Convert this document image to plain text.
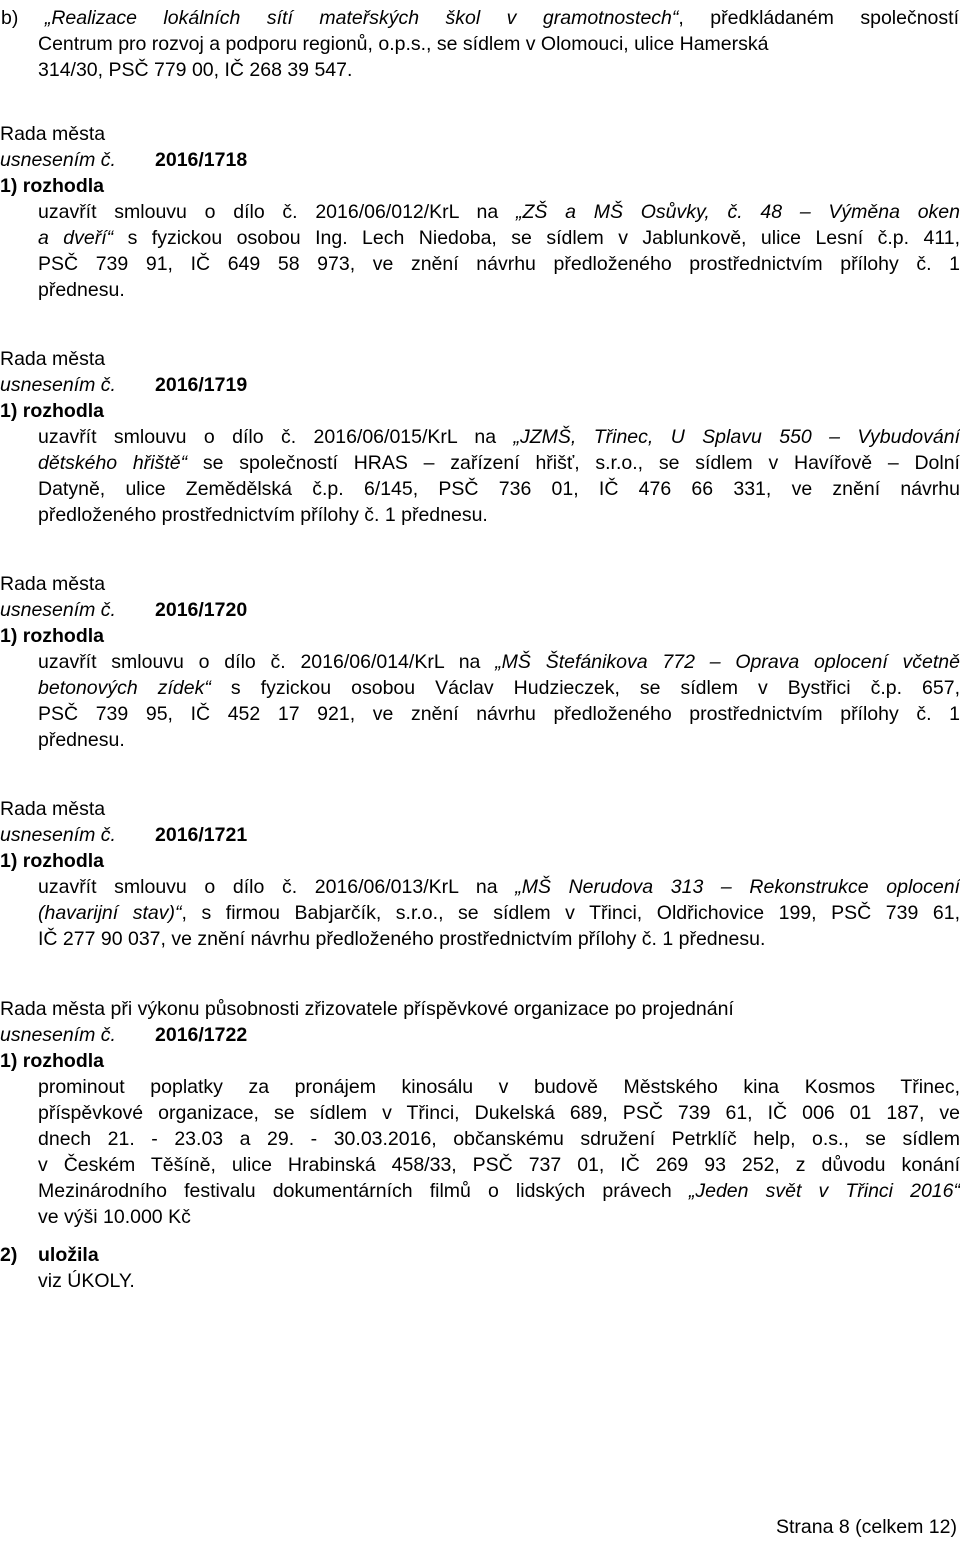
b) „Realizace lokálních sítí mateřských škol v gramotnostech“, předkládaném společností
Centrum pro rozvoj a podporu regionů, o.p.s., se sídlem v Olomouci, ulice Hamerská
314/30, PSČ 779 00, IČ 268 39 547.
Rada města
usnesením č. 2016/1718
1) rozhodla
uzavřít smlouvu o dílo č. 2016/06/012/KrL na „ZŠ a MŠ Osůvky, č. 48 – Výměna oken
a dveří“ s fyzickou osobou Ing. Lech Niedoba, se sídlem v Jablunkově, ulice Lesní č.p. 411,
PSČ 739 91, IČ 649 58 973, ve znění návrhu předloženého prostřednictvím přílohy č. 1
přednesu.
Rada města
usnesením č. 2016/1719
1) rozhodla
uzavřít smlouvu o dílo č. 2016/06/015/KrL na „JZMŠ, Třinec, U Splavu 550 – Vybudování
dětského hřiště“ se společností HRAS – zařízení hřišť, s.r.o., se sídlem v Havířově – Dolní
Datyně, ulice Zemědělská č.p. 6/145, PSČ 736 01, IČ 476 66 331, ve znění návrhu
předloženého prostřednictvím přílohy č. 1 přednesu.
Rada města
usnesením č. 2016/1720
1) rozhodla
uzavřít smlouvu o dílo č. 2016/06/014/KrL na „MŠ Štefánikova 772 – Oprava oplocení včetně
betonových zídek“ s fyzickou osobou Václav Hudzieczek, se sídlem v Bystřici č.p. 657,
PSČ 739 95, IČ 452 17 921, ve znění návrhu předloženého prostřednictvím přílohy č. 1
přednesu.
Rada města
usnesením č. 2016/1721
1) rozhodla
uzavřít smlouvu o dílo č. 2016/06/013/KrL na „MŠ Nerudova 313 – Rekonstrukce oplocení
(havarijní stav)“, s firmou Babjarčík, s.r.o., se sídlem v Třinci, Oldřichovice 199, PSČ 739 61,
IČ 277 90 037, ve znění návrhu předloženého prostřednictvím přílohy č. 1 přednesu.
Rada města při výkonu působnosti zřizovatele příspěvkové organizace po projednání
usnesením č. 2016/1722
1) rozhodla
prominout poplatky za pronájem kinosálu v budově Městského kina Kosmos Třinec,
příspěvkové organizace, se sídlem v Třinci, Dukelská 689, PSČ 739 61, IČ 006 01 187, ve
dnech 21. - 23.03 a 29. - 30.03.2016, občanskému sdružení Petrklíč help, o.s., se sídlem
v Českém Těšíně, ulice Hrabinská 458/33, PSČ 737 01, IČ 269 93 252, z důvodu konání
Mezinárodního festivalu dokumentárních filmů o lidských právech „Jeden svět v Třinci 2016“
ve výši 10.000 Kč
2) uložila
viz ÚKOLY.
Strana 8 (celkem 12)
